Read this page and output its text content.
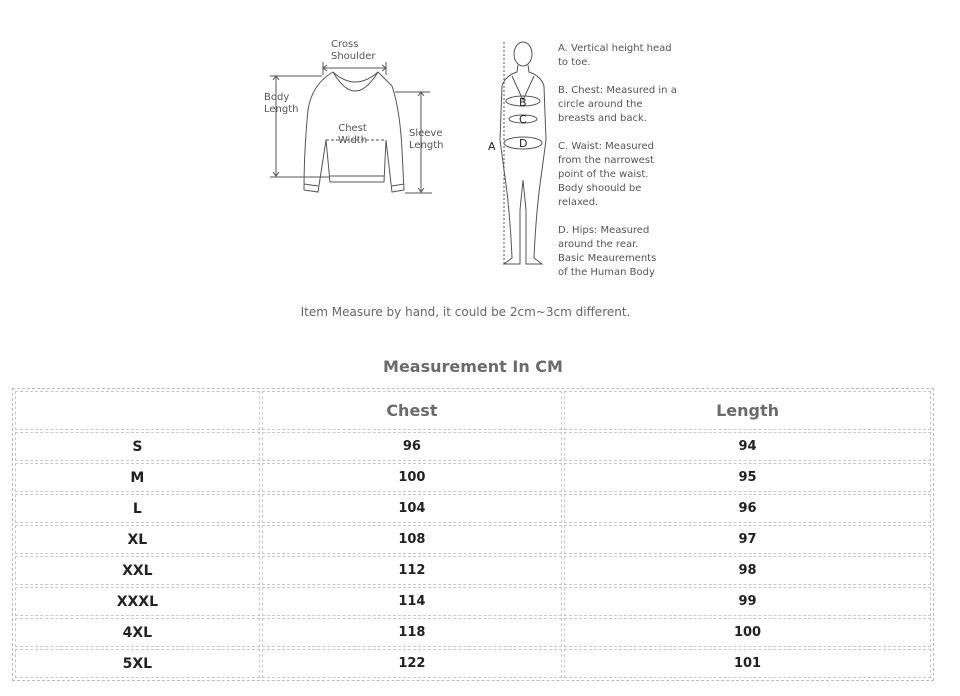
Cross
Shoulder
Body
Length
Chest
Width
Sleeve
Length	A
B
C
D
A. Vertical height head
to toe.
B. Chest: Measured in a
circle around the
breasts and back.
C. Waist: Measured
from the narrowest
point of the waist.
Body shoould be
relaxed.
D. Hips: Measured
around the rear.
Basic Meaurements
of the Human Body
Item Measure by hand, it could be 2cm~3cm different.
Measurement In CM
	Chest	Length
S	96	94
M	100	95
L	104	96
XL	108	97
XXL	112	98
XXXL	114	99
4XL	118	100
5XL	122	101
